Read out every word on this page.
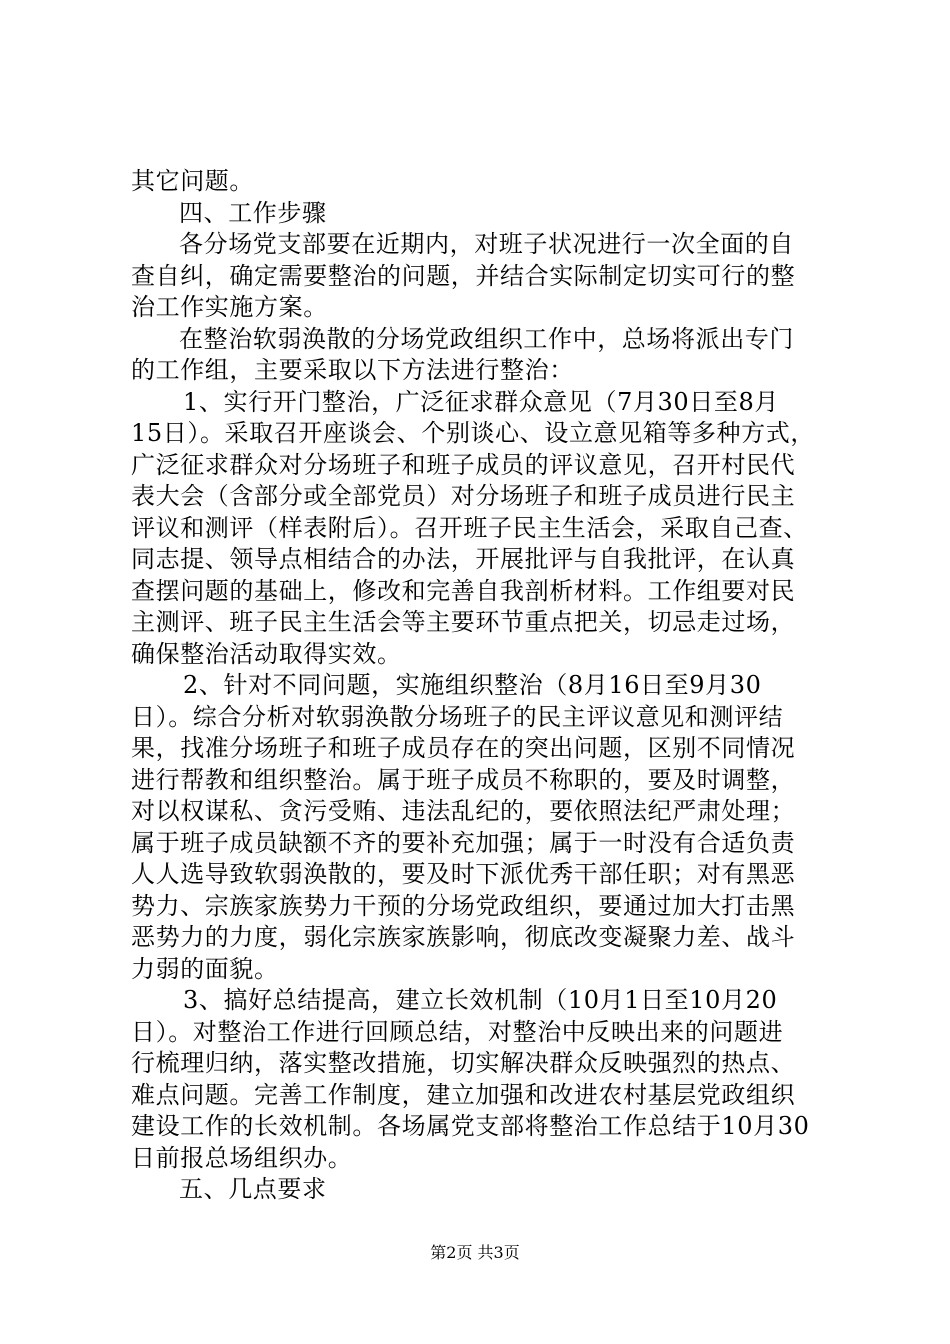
其它问题。
四、工作步骤
各分场党支部要在近期内，对班子状况进行一次全面的自
查自纠，确定需要整治的问题，并结合实际制定切实可行的整
治工作实施方案。
在整治软弱涣散的分场党政组织工作中，总场将派出专门
的工作组，主要采取以下方法进行整治：
1、实行开门整治，广泛征求群众意见（7月30日至8月
15日）。采取召开座谈会、个别谈心、设立意见箱等多种方式，
广泛征求群众对分场班子和班子成员的评议意见，召开村民代
表大会（含部分或全部党员）对分场班子和班子成员进行民主
评议和测评（样表附后）。召开班子民主生活会，采取自己查、
同志提、领导点相结合的办法，开展批评与自我批评，在认真
查摆问题的基础上，修改和完善自我剖析材料。工作组要对民
主测评、班子民主生活会等主要环节重点把关，切忌走过场，
确保整治活动取得实效。
2、针对不同问题，实施组织整治（8月16日至9月30
日）。综合分析对软弱涣散分场班子的民主评议意见和测评结
果，找准分场班子和班子成员存在的突出问题，区别不同情况
进行帮教和组织整治。属于班子成员不称职的，要及时调整，
对以权谋私、贪污受贿、违法乱纪的，要依照法纪严肃处理；
属于班子成员缺额不齐的要补充加强；属于一时没有合适负责
人人选导致软弱涣散的，要及时下派优秀干部任职；对有黑恶
势力、宗族家族势力干预的分场党政组织，要通过加大打击黑
恶势力的力度，弱化宗族家族影响，彻底改变凝聚力差、战斗
力弱的面貌。
3、搞好总结提高，建立长效机制（10月1日至10月20
日）。对整治工作进行回顾总结，对整治中反映出来的问题进
行梳理归纳，落实整改措施，切实解决群众反映强烈的热点、
难点问题。完善工作制度，建立加强和改进农村基层党政组织
建设工作的长效机制。各场属党支部将整治工作总结于10月30
日前报总场组织办。
五、几点要求
第2页 共3页
